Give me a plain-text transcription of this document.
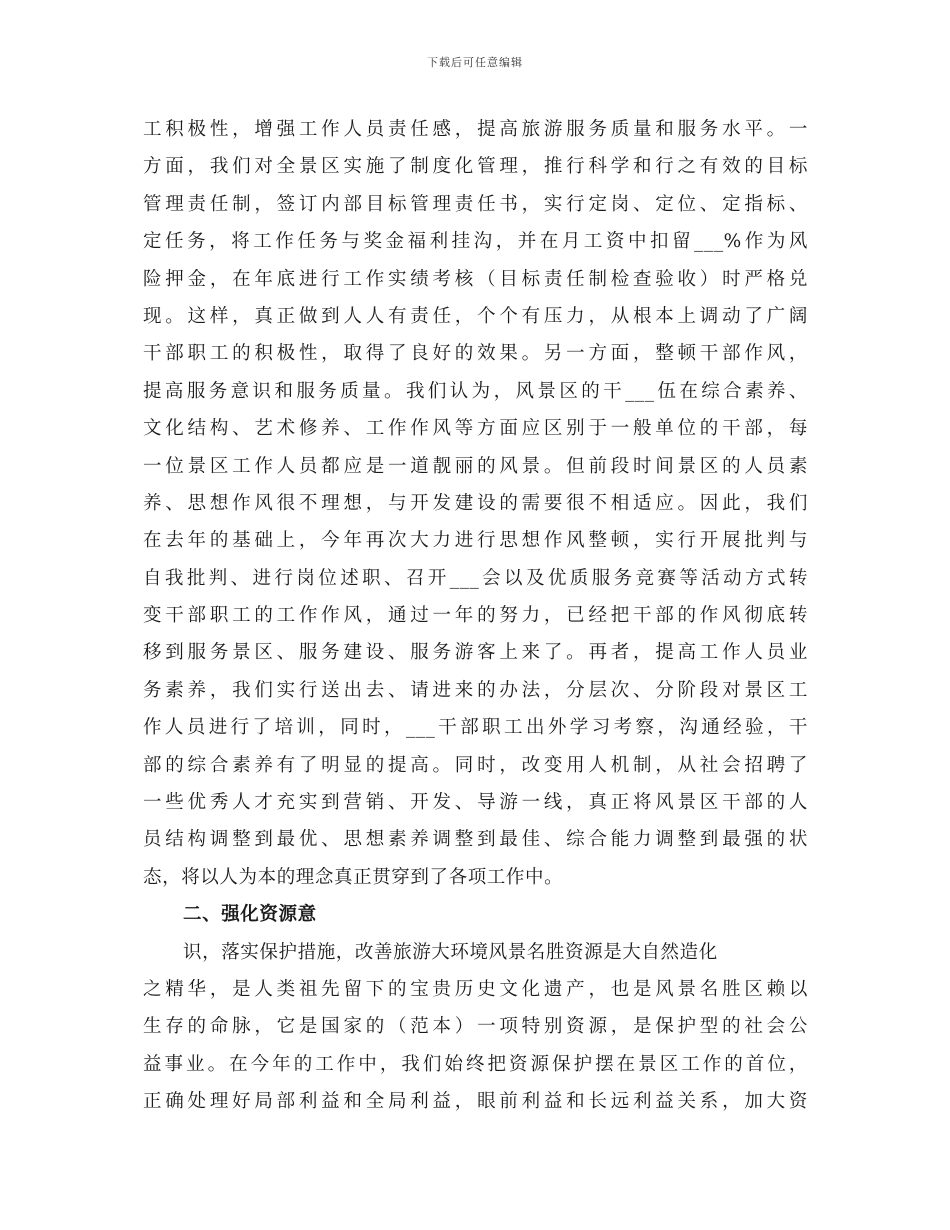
下载后可任意编辑
工积极性，增强工作人员责任感，提高旅游服务质量和服务水平。一
方面，我们对全景区实施了制度化管理，推行科学和行之有效的目标
管理责任制，签订内部目标管理责任书，实行定岗、定位、定指标、
定任务，将工作任务与奖金福利挂沟，并在月工资中扣留___%作为风
险押金，在年底进行工作实绩考核（目标责任制检查验收）时严格兑
现。这样，真正做到人人有责任，个个有压力，从根本上调动了广阔
干部职工的积极性，取得了良好的效果。另一方面，整顿干部作风，
提高服务意识和服务质量。我们认为，风景区的干___伍在综合素养、
文化结构、艺术修养、工作作风等方面应区别于一般单位的干部，每
一位景区工作人员都应是一道靓丽的风景。但前段时间景区的人员素
养、思想作风很不理想，与开发建设的需要很不相适应。因此，我们
在去年的基础上，今年再次大力进行思想作风整顿，实行开展批判与
自我批判、进行岗位述职、召开___会以及优质服务竞赛等活动方式转
变干部职工的工作作风，通过一年的努力，已经把干部的作风彻底转
移到服务景区、服务建设、服务游客上来了。再者，提高工作人员业
务素养，我们实行送出去、请进来的办法，分层次、分阶段对景区工
作人员进行了培训，同时，___干部职工出外学习考察，沟通经验，干
部的综合素养有了明显的提高。同时，改变用人机制，从社会招聘了
一些优秀人才充实到营销、开发、导游一线，真正将风景区干部的人
员结构调整到最优、思想素养调整到最佳、综合能力调整到最强的状
态，将以人为本的理念真正贯穿到了各项工作中。
二、强化资源意
识，落实保护措施，改善旅游大环境风景名胜资源是大自然造化
之精华，是人类祖先留下的宝贵历史文化遗产，也是风景名胜区赖以
生存的命脉，它是国家的（范本）一项特别资源，是保护型的社会公
益事业。在今年的工作中，我们始终把资源保护摆在景区工作的首位，
正确处理好局部利益和全局利益，眼前利益和长远利益关系，加大资
